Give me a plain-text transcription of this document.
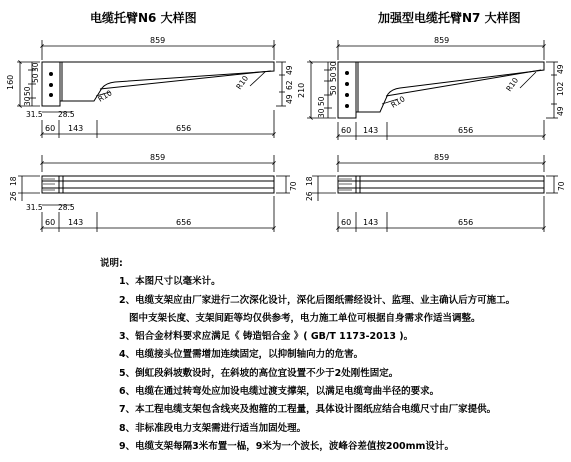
电缆托臂N6 大样图
859
R10
R10
160
30
50
50
30	49
62
49
31.5 28.5
60 143	656
859
18
26
70
31.5 28.5
60 143	656
加强型电缆托臂N7 大样图
859
R10
R10
210
30
50
50
50
30	49
102
49
60 143	656
859
18
26
70
60 143	656
说明:
1、本图尺寸以毫米计。
2、电缆支架应由厂家进行二次深化设计，深化后图纸需经设计、监理、业主确认后方可施工。
图中支架长度、支架间距等均仅供参考，电力施工单位可根据自身需求作适当调整。
3、铝合金材料要求应满足《 铸造铝合金 》( GB/T 1173-2013 )。
4、电缆接头位置需增加连续固定，以抑制轴向力的危害。
5、倒虹段斜坡敷设时，在斜坡的高位宜设置不少于2处刚性固定。
6、电缆在通过转弯处应加设电缆过渡支撑架，以满足电缆弯曲半径的要求。
7、本工程电缆支架包含线夹及抱箍的工程量，具体设计图纸应结合电缆尺寸由厂家提供。
8、非标准段电力支架需进行适当加固处理。
9、电缆支架每隔3米布置一榀，9米为一个波长，波峰谷差值按200mm设计。
